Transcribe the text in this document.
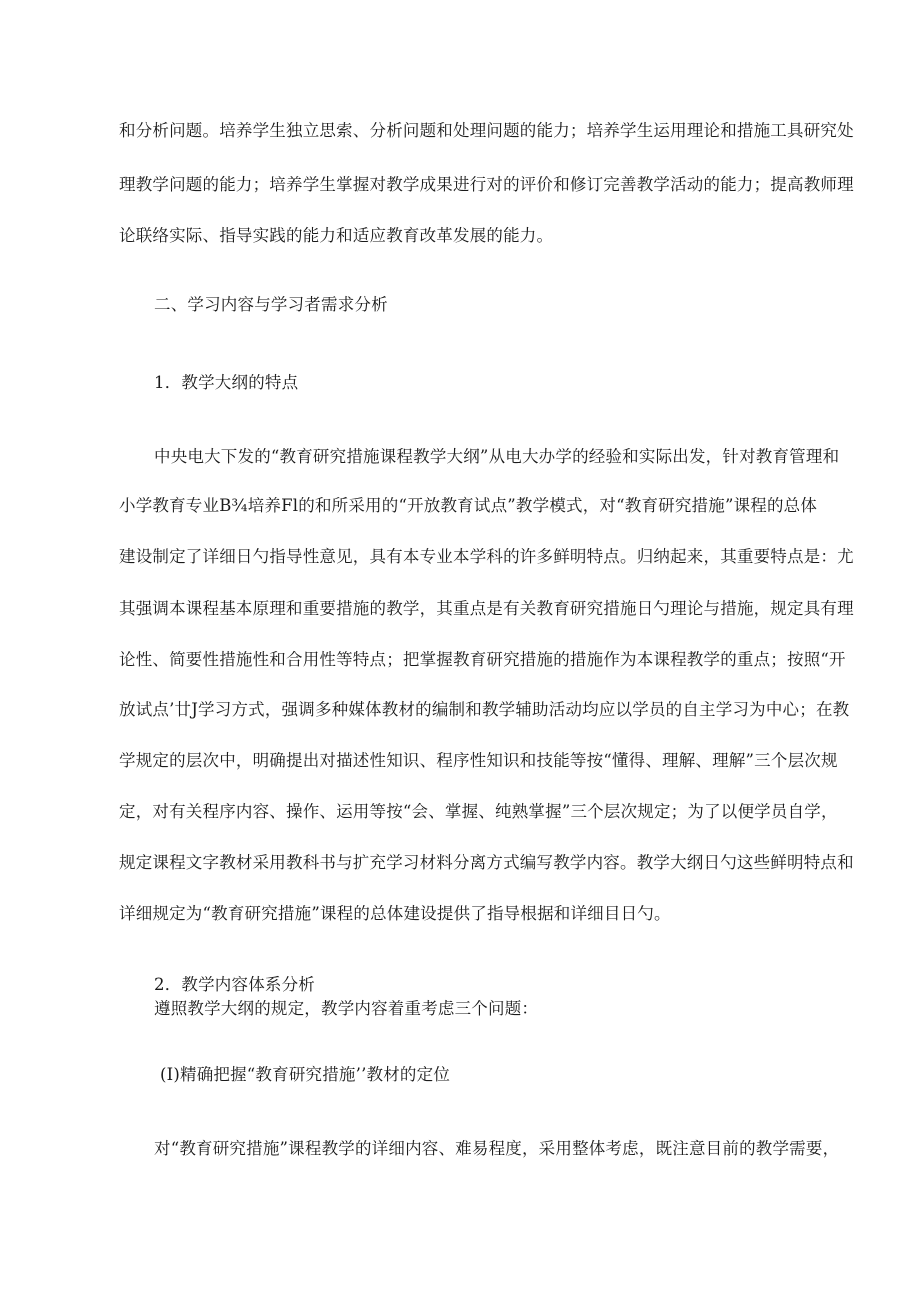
和分析问题。培养学生独立思索、分析问题和处理问题的能力；培养学生运用理论和措施工具研究处
理教学问题的能力；培养学生掌握对教学成果进行对的评价和修订完善教学活动的能力；提高教师理
论联络实际、指导实践的能力和适应教育改革发展的能力。
二、学习内容与学习者需求分析
1．教学大纲的特点
中央电大下发的“教育研究措施课程教学大纲”从电大办学的经验和实际出发，针对教育管理和
小学教育专业B¾培养Fl的和所采用的“开放教育试点”教学模式，对“教育研究措施”课程的总体
建设制定了详细日勺指导性意见，具有本专业本学科的许多鲜明特点。归纳起来，其重要特点是：尤
其强调本课程基本原理和重要措施的教学，其重点是有关教育研究措施日勺理论与措施，规定具有理
论性、简要性措施性和合用性等特点；把掌握教育研究措施的措施作为本课程教学的重点；按照“开
放试点’廿J学习方式，强调多种媒体教材的编制和教学辅助活动均应以学员的自主学习为中心；在教
学规定的层次中，明确提出对描述性知识、程序性知识和技能等按“懂得、理解、理解”三个层次规
定，对有关程序内容、操作、运用等按“会、掌握、纯熟掌握”三个层次规定；为了以便学员自学，
规定课程文字教材采用教科书与扩充学习材料分离方式编写教学内容。教学大纲日勺这些鲜明特点和
详细规定为“教育研究措施”课程的总体建设提供了指导根据和详细目日勺。
2．教学内容体系分析
遵照教学大纲的规定，教学内容着重考虑三个问题：
(I)精确把握“教育研究措施’’教材的定位
对“教育研究措施”课程教学的详细内容、难易程度，采用整体考虑，既注意目前的教学需要，
